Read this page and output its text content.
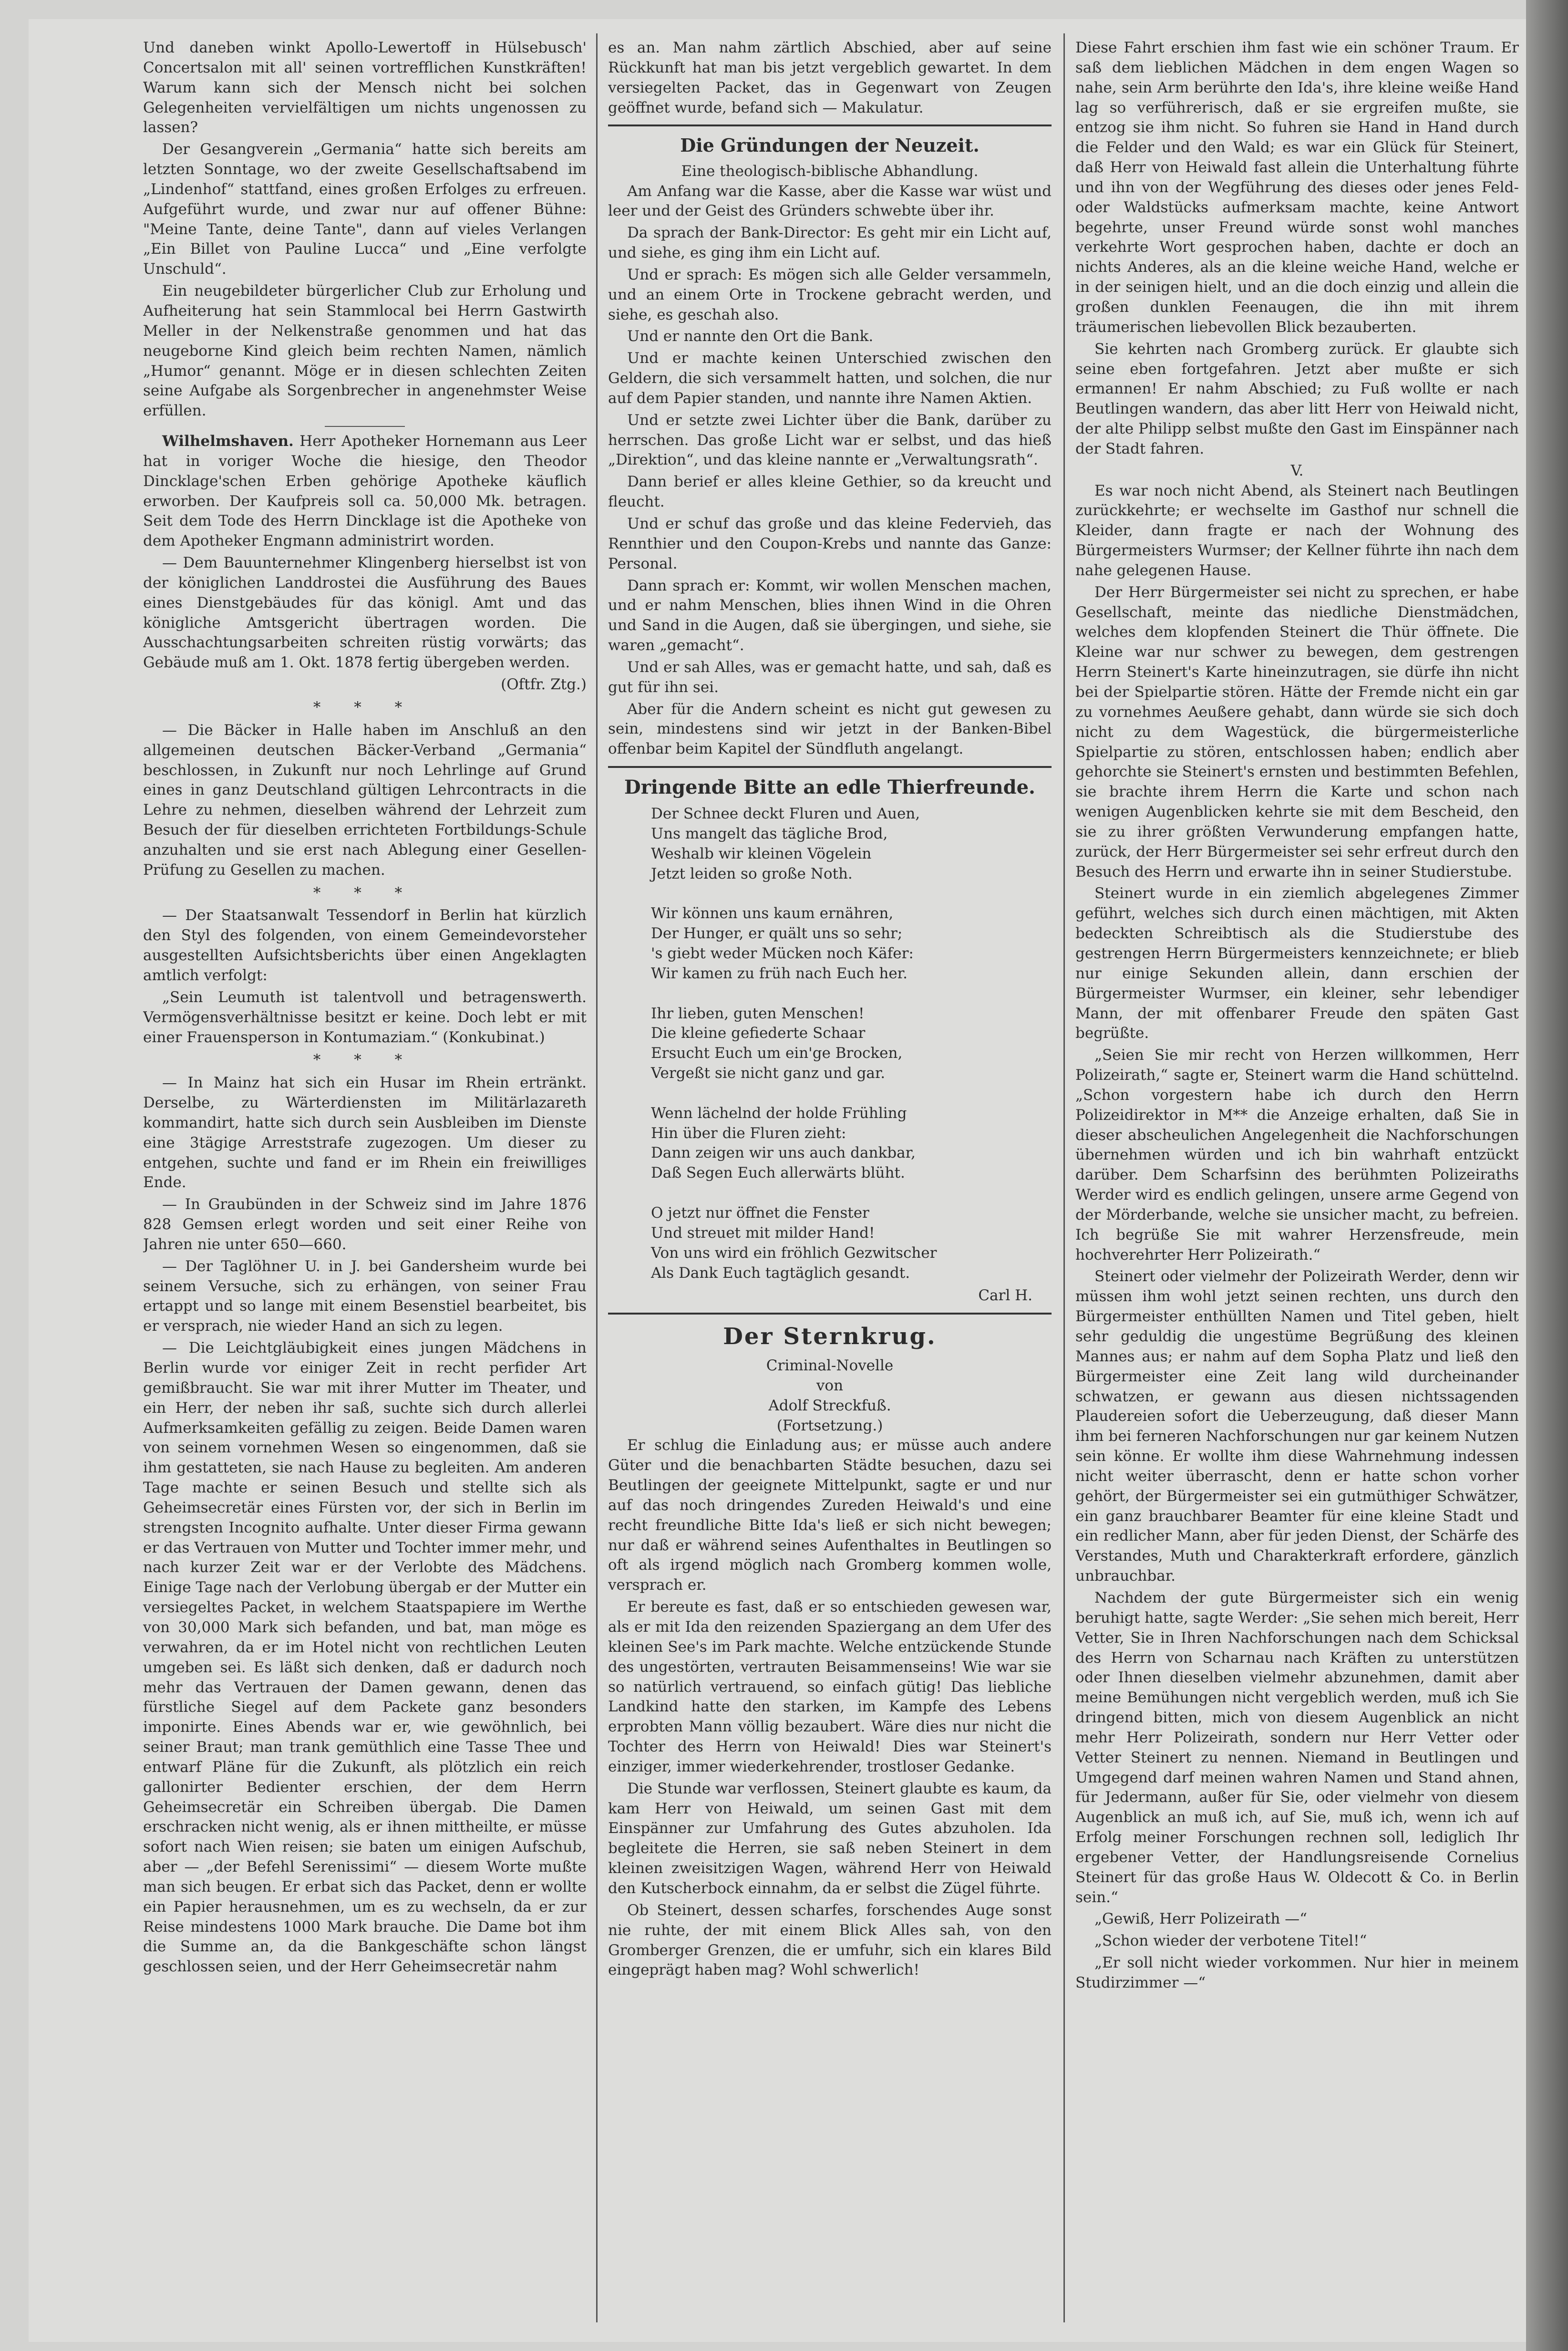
Und daneben winkt Apollo-Lewertoff in Hülsebusch' Concertsalon mit all' seinen vortrefflichen Kunstkräften! Warum kann sich der Mensch nicht bei solchen Gelegenheiten vervielfältigen um nichts ungenossen zu lassen?

Der Gesangverein „Germania“ hatte sich bereits am letzten Sonntage, wo der zweite Gesellschaftsabend im „Lindenhof“ stattfand, eines großen Erfolges zu erfreuen. Aufgeführt wurde, und zwar nur auf offener Bühne: "Meine Tante, deine Tante", dann auf vieles Verlangen „Ein Billet von Pauline Lucca“ und „Eine verfolgte Unschuld“.

Ein neugebildeter bürgerlicher Club zur Erholung und Aufheiterung hat sein Stammlocal bei Herrn Gastwirth Meller in der Nelkenstraße genommen und hat das neugeborne Kind gleich beim rechten Namen, nämlich „Humor“ genannt. Möge er in diesen schlechten Zeiten seine Aufgabe als Sorgenbrecher in angenehmster Weise erfüllen.

Wilhelmshaven. Herr Apotheker Hornemann aus Leer hat in voriger Woche die hiesige, den Theodor Dincklage'schen Erben gehörige Apotheke käuflich erworben. Der Kaufpreis soll ca. 50,000 Mk. betragen. Seit dem Tode des Herrn Dincklage ist die Apotheke von dem Apotheker Engmann administrirt worden.

— Dem Bauunternehmer Klingenberg hierselbst ist von der königlichen Landdrostei die Ausführung des Baues eines Dienstgebäudes für das königl. Amt und das königliche Amtsgericht übertragen worden. Die Ausschachtungsarbeiten schreiten rüstig vorwärts; das Gebäude muß am 1. Okt. 1878 fertig übergeben werden.

(Oftfr. Ztg.)

* * *

— Die Bäcker in Halle haben im Anschluß an den allgemeinen deutschen Bäcker-Verband „Germania“ beschlossen, in Zukunft nur noch Lehrlinge auf Grund eines in ganz Deutschland gültigen Lehrcontracts in die Lehre zu nehmen, dieselben während der Lehrzeit zum Besuch der für dieselben errichteten Fortbildungs-Schule anzuhalten und sie erst nach Ablegung einer Gesellen-Prüfung zu Gesellen zu machen.

* * *

— Der Staatsanwalt Tessendorf in Berlin hat kürzlich den Styl des folgenden, von einem Gemeindevorsteher ausgestellten Aufsichtsberichts über einen Angeklagten amtlich verfolgt:

„Sein Leumuth ist talentvoll und betragenswerth. Vermögensverhältnisse besitzt er keine. Doch lebt er mit einer Frauensperson in Kontumaziam.“ (Konkubinat.)

* * *

— In Mainz hat sich ein Husar im Rhein ertränkt. Derselbe, zu Wärterdiensten im Militärlazareth kommandirt, hatte sich durch sein Ausbleiben im Dienste eine 3tägige Arreststrafe zugezogen. Um dieser zu entgehen, suchte und fand er im Rhein ein freiwilliges Ende.

— In Graubünden in der Schweiz sind im Jahre 1876 828 Gemsen erlegt worden und seit einer Reihe von Jahren nie unter 650—660.

— Der Taglöhner U. in J. bei Gandersheim wurde bei seinem Versuche, sich zu erhängen, von seiner Frau ertappt und so lange mit einem Besenstiel bearbeitet, bis er versprach, nie wieder Hand an sich zu legen.

— Die Leichtgläubigkeit eines jungen Mädchens in Berlin wurde vor einiger Zeit in recht perfider Art gemißbraucht. Sie war mit ihrer Mutter im Theater, und ein Herr, der neben ihr saß, suchte sich durch allerlei Aufmerksamkeiten gefällig zu zeigen. Beide Damen waren von seinem vornehmen Wesen so eingenommen, daß sie ihm gestatteten, sie nach Hause zu begleiten. Am anderen Tage machte er seinen Besuch und stellte sich als Geheimsecretär eines Fürsten vor, der sich in Berlin im strengsten Incognito aufhalte. Unter dieser Firma gewann er das Vertrauen von Mutter und Tochter immer mehr, und nach kurzer Zeit war er der Verlobte des Mädchens. Einige Tage nach der Verlobung übergab er der Mutter ein versiegeltes Packet, in welchem Staatspapiere im Werthe von 30,000 Mark sich befanden, und bat, man möge es verwahren, da er im Hotel nicht von rechtlichen Leuten umgeben sei. Es läßt sich denken, daß er dadurch noch mehr das Vertrauen der Damen gewann, denen das fürstliche Siegel auf dem Packete ganz besonders imponirte. Eines Abends war er, wie gewöhnlich, bei seiner Braut; man trank gemüthlich eine Tasse Thee und entwarf Pläne für die Zukunft, als plötzlich ein reich gallonirter Bedienter erschien, der dem Herrn Geheimsecretär ein Schreiben übergab. Die Damen erschracken nicht wenig, als er ihnen mittheilte, er müsse sofort nach Wien reisen; sie baten um einigen Aufschub, aber — „der Befehl Serenissimi“ — diesem Worte mußte man sich beugen. Er erbat sich das Packet, denn er wollte ein Papier herausnehmen, um es zu wechseln, da er zur Reise mindestens 1000 Mark brauche. Die Dame bot ihm die Summe an, da die Bankgeschäfte schon längst geschlossen seien, und der Herr Geheimsecretär nahm

es an. Man nahm zärtlich Abschied, aber auf seine Rückkunft hat man bis jetzt vergeblich gewartet. In dem versiegelten Packet, das in Gegenwart von Zeugen geöffnet wurde, befand sich — Makulatur.

Die Gründungen der Neuzeit.

Eine theologisch-biblische Abhandlung.

Am Anfang war die Kasse, aber die Kasse war wüst und leer und der Geist des Gründers schwebte über ihr.

Da sprach der Bank-Director: Es geht mir ein Licht auf, und siehe, es ging ihm ein Licht auf.

Und er sprach: Es mögen sich alle Gelder versammeln, und an einem Orte in Trockene gebracht werden, und siehe, es geschah also.

Und er nannte den Ort die Bank.

Und er machte keinen Unterschied zwischen den Geldern, die sich versammelt hatten, und solchen, die nur auf dem Papier standen, und nannte ihre Namen Aktien.

Und er setzte zwei Lichter über die Bank, darüber zu herrschen. Das große Licht war er selbst, und das hieß „Direktion“, und das kleine nannte er „Verwaltungsrath“.

Dann berief er alles kleine Gethier, so da kreucht und fleucht.

Und er schuf das große und das kleine Federvieh, das Rennthier und den Coupon-Krebs und nannte das Ganze: Personal.

Dann sprach er: Kommt, wir wollen Menschen machen, und er nahm Menschen, blies ihnen Wind in die Ohren und Sand in die Augen, daß sie übergingen, und siehe, sie waren „gemacht“.

Und er sah Alles, was er gemacht hatte, und sah, daß es gut für ihn sei.

Aber für die Andern scheint es nicht gut gewesen zu sein, mindestens sind wir jetzt in der Banken-Bibel offenbar beim Kapitel der Sündfluth angelangt.

Dringende Bitte an edle Thierfreunde.

Der Schnee deckt Fluren und Auen,
Uns mangelt das tägliche Brod,
Weshalb wir kleinen Vögelein
Jetzt leiden so große Noth.

Wir können uns kaum ernähren,
Der Hunger, er quält uns so sehr;
's giebt weder Mücken noch Käfer:
Wir kamen zu früh nach Euch her.

Ihr lieben, guten Menschen!
Die kleine gefiederte Schaar
Ersucht Euch um ein'ge Brocken,
Vergeßt sie nicht ganz und gar.

Wenn lächelnd der holde Frühling
Hin über die Fluren zieht:
Dann zeigen wir uns auch dankbar,
Daß Segen Euch allerwärts blüht.

O jetzt nur öffnet die Fenster
Und streuet mit milder Hand!
Von uns wird ein fröhlich Gezwitscher
Als Dank Euch tagtäglich gesandt.

Carl H.

Der Sternkrug.

Criminal-Novelle

von

Adolf Streckfuß.

(Fortsetzung.)

Er schlug die Einladung aus; er müsse auch andere Güter und die benachbarten Städte besuchen, dazu sei Beutlingen der geeignete Mittelpunkt, sagte er und nur auf das noch dringendes Zureden Heiwald's und eine recht freundliche Bitte Ida's ließ er sich nicht bewegen; nur daß er während seines Aufenthaltes in Beutlingen so oft als irgend möglich nach Gromberg kommen wolle, versprach er.

Er bereute es fast, daß er so entschieden gewesen war, als er mit Ida den reizenden Spaziergang an dem Ufer des kleinen See's im Park machte. Welche entzückende Stunde des ungestörten, vertrauten Beisammenseins! Wie war sie so natürlich vertrauend, so einfach gütig! Das liebliche Landkind hatte den starken, im Kampfe des Lebens erprobten Mann völlig bezaubert. Wäre dies nur nicht die Tochter des Herrn von Heiwald! Dies war Steinert's einziger, immer wiederkehrender, trostloser Gedanke.

Die Stunde war verflossen, Steinert glaubte es kaum, da kam Herr von Heiwald, um seinen Gast mit dem Einspänner zur Umfahrung des Gutes abzuholen. Ida begleitete die Herren, sie saß neben Steinert in dem kleinen zweisitzigen Wagen, während Herr von Heiwald den Kutscherbock einnahm, da er selbst die Zügel führte.

Ob Steinert, dessen scharfes, forschendes Auge sonst nie ruhte, der mit einem Blick Alles sah, von den Gromberger Grenzen, die er umfuhr, sich ein klares Bild eingeprägt haben mag? Wohl schwerlich!

Diese Fahrt erschien ihm fast wie ein schöner Traum. Er saß dem lieblichen Mädchen in dem engen Wagen so nahe, sein Arm berührte den Ida's, ihre kleine weiße Hand lag so verführerisch, daß er sie ergreifen mußte, sie entzog sie ihm nicht. So fuhren sie Hand in Hand durch die Felder und den Wald; es war ein Glück für Steinert, daß Herr von Heiwald fast allein die Unterhaltung führte und ihn von der Wegführung des dieses oder jenes Feld- oder Waldstücks aufmerksam machte, keine Antwort begehrte, unser Freund würde sonst wohl manches verkehrte Wort gesprochen haben, dachte er doch an nichts Anderes, als an die kleine weiche Hand, welche er in der seinigen hielt, und an die doch einzig und allein die großen dunklen Feenaugen, die ihn mit ihrem träumerischen liebevollen Blick bezauberten.

Sie kehrten nach Gromberg zurück. Er glaubte sich seine eben fortgefahren. Jetzt aber mußte er sich ermannen! Er nahm Abschied; zu Fuß wollte er nach Beutlingen wandern, das aber litt Herr von Heiwald nicht, der alte Philipp selbst mußte den Gast im Einspänner nach der Stadt fahren.

V.

Es war noch nicht Abend, als Steinert nach Beutlingen zurückkehrte; er wechselte im Gasthof nur schnell die Kleider, dann fragte er nach der Wohnung des Bürgermeisters Wurmser; der Kellner führte ihn nach dem nahe gelegenen Hause.

Der Herr Bürgermeister sei nicht zu sprechen, er habe Gesellschaft, meinte das niedliche Dienstmädchen, welches dem klopfenden Steinert die Thür öffnete. Die Kleine war nur schwer zu bewegen, dem gestrengen Herrn Steinert's Karte hineinzutragen, sie dürfe ihn nicht bei der Spielpartie stören. Hätte der Fremde nicht ein gar zu vornehmes Aeußere gehabt, dann würde sie sich doch nicht zu dem Wagestück, die bürgermeisterliche Spielpartie zu stören, entschlossen haben; endlich aber gehorchte sie Steinert's ernsten und bestimmten Befehlen, sie brachte ihrem Herrn die Karte und schon nach wenigen Augenblicken kehrte sie mit dem Bescheid, den sie zu ihrer größten Verwunderung empfangen hatte, zurück, der Herr Bürgermeister sei sehr erfreut durch den Besuch des Herrn und erwarte ihn in seiner Studierstube.

Steinert wurde in ein ziemlich abgelegenes Zimmer geführt, welches sich durch einen mächtigen, mit Akten bedeckten Schreibtisch als die Studierstube des gestrengen Herrn Bürgermeisters kennzeichnete; er blieb nur einige Sekunden allein, dann erschien der Bürgermeister Wurmser, ein kleiner, sehr lebendiger Mann, der mit offenbarer Freude den späten Gast begrüßte.

„Seien Sie mir recht von Herzen willkommen, Herr Polizeirath,“ sagte er, Steinert warm die Hand schüttelnd. „Schon vorgestern habe ich durch den Herrn Polizeidirektor in M** die Anzeige erhalten, daß Sie in dieser abscheulichen Angelegenheit die Nachforschungen übernehmen würden und ich bin wahrhaft entzückt darüber. Dem Scharfsinn des berühmten Polizeiraths Werder wird es endlich gelingen, unsere arme Gegend von der Mörderbande, welche sie unsicher macht, zu befreien. Ich begrüße Sie mit wahrer Herzensfreude, mein hochverehrter Herr Polizeirath.“

Steinert oder vielmehr der Polizeirath Werder, denn wir müssen ihm wohl jetzt seinen rechten, uns durch den Bürgermeister enthüllten Namen und Titel geben, hielt sehr geduldig die ungestüme Begrüßung des kleinen Mannes aus; er nahm auf dem Sopha Platz und ließ den Bürgermeister eine Zeit lang wild durcheinander schwatzen, er gewann aus diesen nichtssagenden Plaudereien sofort die Ueberzeugung, daß dieser Mann ihm bei ferneren Nachforschungen nur gar keinem Nutzen sein könne. Er wollte ihm diese Wahrnehmung indessen nicht weiter überrascht, denn er hatte schon vorher gehört, der Bürgermeister sei ein gutmüthiger Schwätzer, ein ganz brauchbarer Beamter für eine kleine Stadt und ein redlicher Mann, aber für jeden Dienst, der Schärfe des Verstandes, Muth und Charakterkraft erfordere, gänzlich unbrauchbar.

Nachdem der gute Bürgermeister sich ein wenig beruhigt hatte, sagte Werder: „Sie sehen mich bereit, Herr Vetter, Sie in Ihren Nachforschungen nach dem Schicksal des Herrn von Scharnau nach Kräften zu unterstützen oder Ihnen dieselben vielmehr abzunehmen, damit aber meine Bemühungen nicht vergeblich werden, muß ich Sie dringend bitten, mich von diesem Augenblick an nicht mehr Herr Polizeirath, sondern nur Herr Vetter oder Vetter Steinert zu nennen. Niemand in Beutlingen und Umgegend darf meinen wahren Namen und Stand ahnen, für Jedermann, außer für Sie, oder vielmehr von diesem Augenblick an muß ich, auf Sie, muß ich, wenn ich auf Erfolg meiner Forschungen rechnen soll, lediglich Ihr ergebener Vetter, der Handlungsreisende Cornelius Steinert für das große Haus W. Oldecott & Co. in Berlin sein.“

„Gewiß, Herr Polizeirath —“

„Schon wieder der verbotene Titel!“

„Er soll nicht wieder vorkommen. Nur hier in meinem Studirzimmer —“
